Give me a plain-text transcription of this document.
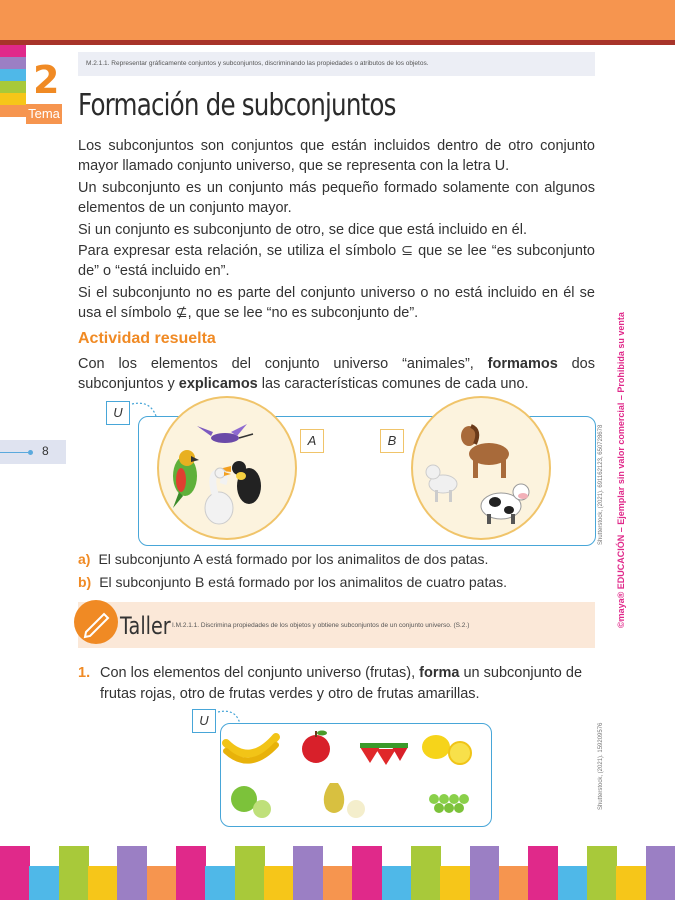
2
Tema
M.2.1.1. Representar gráficamente conjuntos y subconjuntos, discriminando las propiedades o atributos de los objetos.
Formación de subconjuntos
Los subconjuntos son conjuntos que están incluidos dentro de otro conjunto mayor llamado conjunto universo, que se representa con la letra U.
Un subconjunto es un conjunto más pequeño formado solamente con algunos elementos de un conjunto mayor.
Si un conjunto es subconjunto de otro, se dice que está incluido en él.
Para expresar esta relación, se utiliza el símbolo ⊆ que se lee “es subconjunto de” o “está incluido en”.
Si el subconjunto no es parte del conjunto universo o no está incluido en él se usa el símbolo ⊈, que se lee “no es subconjunto de”.
Actividad resuelta
Con los elementos del conjunto universo “animales”, formamos dos subconjuntos y explicamos las características comunes de cada uno.
8
U
A	B
a) El subconjunto A está formado por los animalitos de dos patas.
b) El subconjunto B está formado por los animalitos de cuatro patas.
Taller I.M.2.1.1. Discrimina propiedades de los objetos y obtiene subconjuntos de un conjunto universo. (S.2.)
1. Con los elementos del conjunto universo (frutas), forma un subconjunto de frutas rojas, otro de frutas verdes y otro de frutas amarillas.
U
Shutterstock, (2021). 691162123, 650728678
Shutterstock, (2021). 159209576
©maya® EDUCACIÓN – Ejemplar sin valor comercial – Prohibida su venta
